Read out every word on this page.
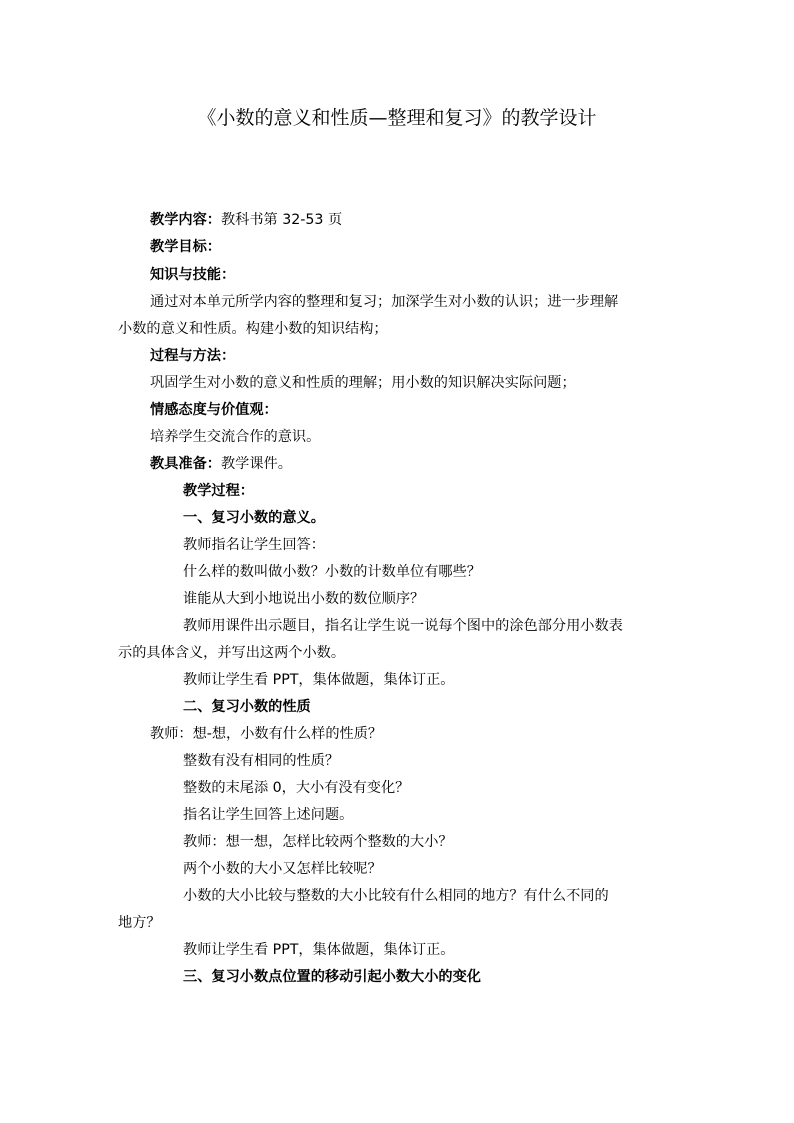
《小数的意义和性质—整理和复习》的教学设计
教学内容：教科书第 32-53 页
教学目标：
知识与技能：
通过对本单元所学内容的整理和复习；加深学生对小数的认识；进一步理解
小数的意义和性质。构建小数的知识结构；
过程与方法：
巩固学生对小数的意义和性质的理解；用小数的知识解决实际问题；
情感态度与价值观：
培养学生交流合作的意识。
教具准备：教学课件。
教学过程：
一、复习小数的意义。
教师指名让学生回答：
什么样的数叫做小数？小数的计数单位有哪些？
谁能从大到小地说出小数的数位顺序？
教师用课件出示题目，指名让学生说一说每个图中的涂色部分用小数表
示的具体含义，并写出这两个小数。
教师让学生看 PPT，集体做题，集体订正。
二、复习小数的性质
教师：想-想，小数有什么样的性质？
整数有没有相同的性质？
整数的末尾添 0，大小有没有变化？
指名让学生回答上述问题。
教师：想一想，怎样比较两个整数的大小？
两个小数的大小又怎样比较呢？
小数的大小比较与整数的大小比较有什么相同的地方？有什么不同的
地方？
教师让学生看 PPT，集体做题，集体订正。
三、复习小数点位置的移动引起小数大小的变化
